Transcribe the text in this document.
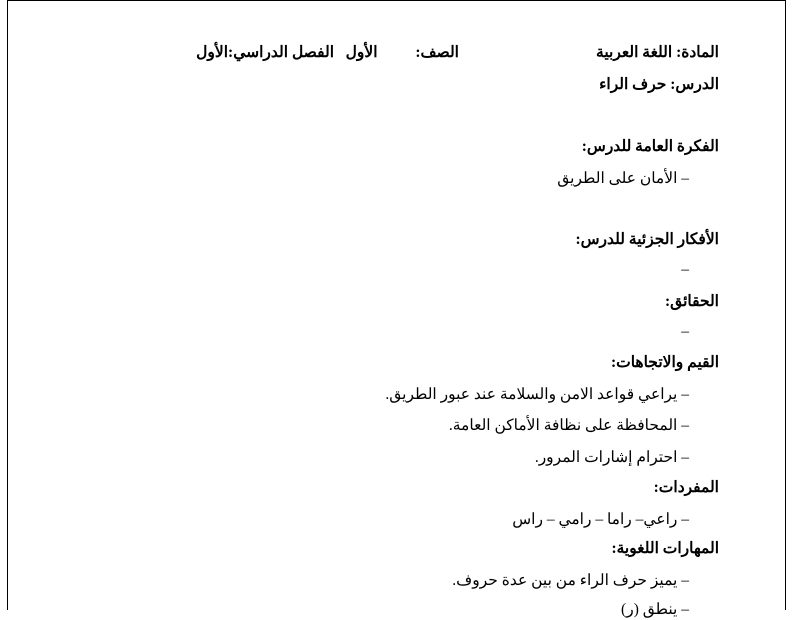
المادة: اللغة العربية
الصف:  الأول
الفصل الدراسي:الأول
الدرس: حرف الراء
الفكرة العامة للدرس:
– الأمان على الطريق
الأفكار الجزئية للدرس:
–
الحقائق:
–
القيم والاتجاهات:
– يراعي قواعد الامن والسلامة عند عبور الطريق.
– المحافظة على نظافة الأماكن العامة.
– احترام إشارات المرور.
المفردات:
– راعي– راما – رامي – راس
المهارات اللغوية:
– يميز حرف الراء من بين عدة حروف.
– ينطق (ر)
